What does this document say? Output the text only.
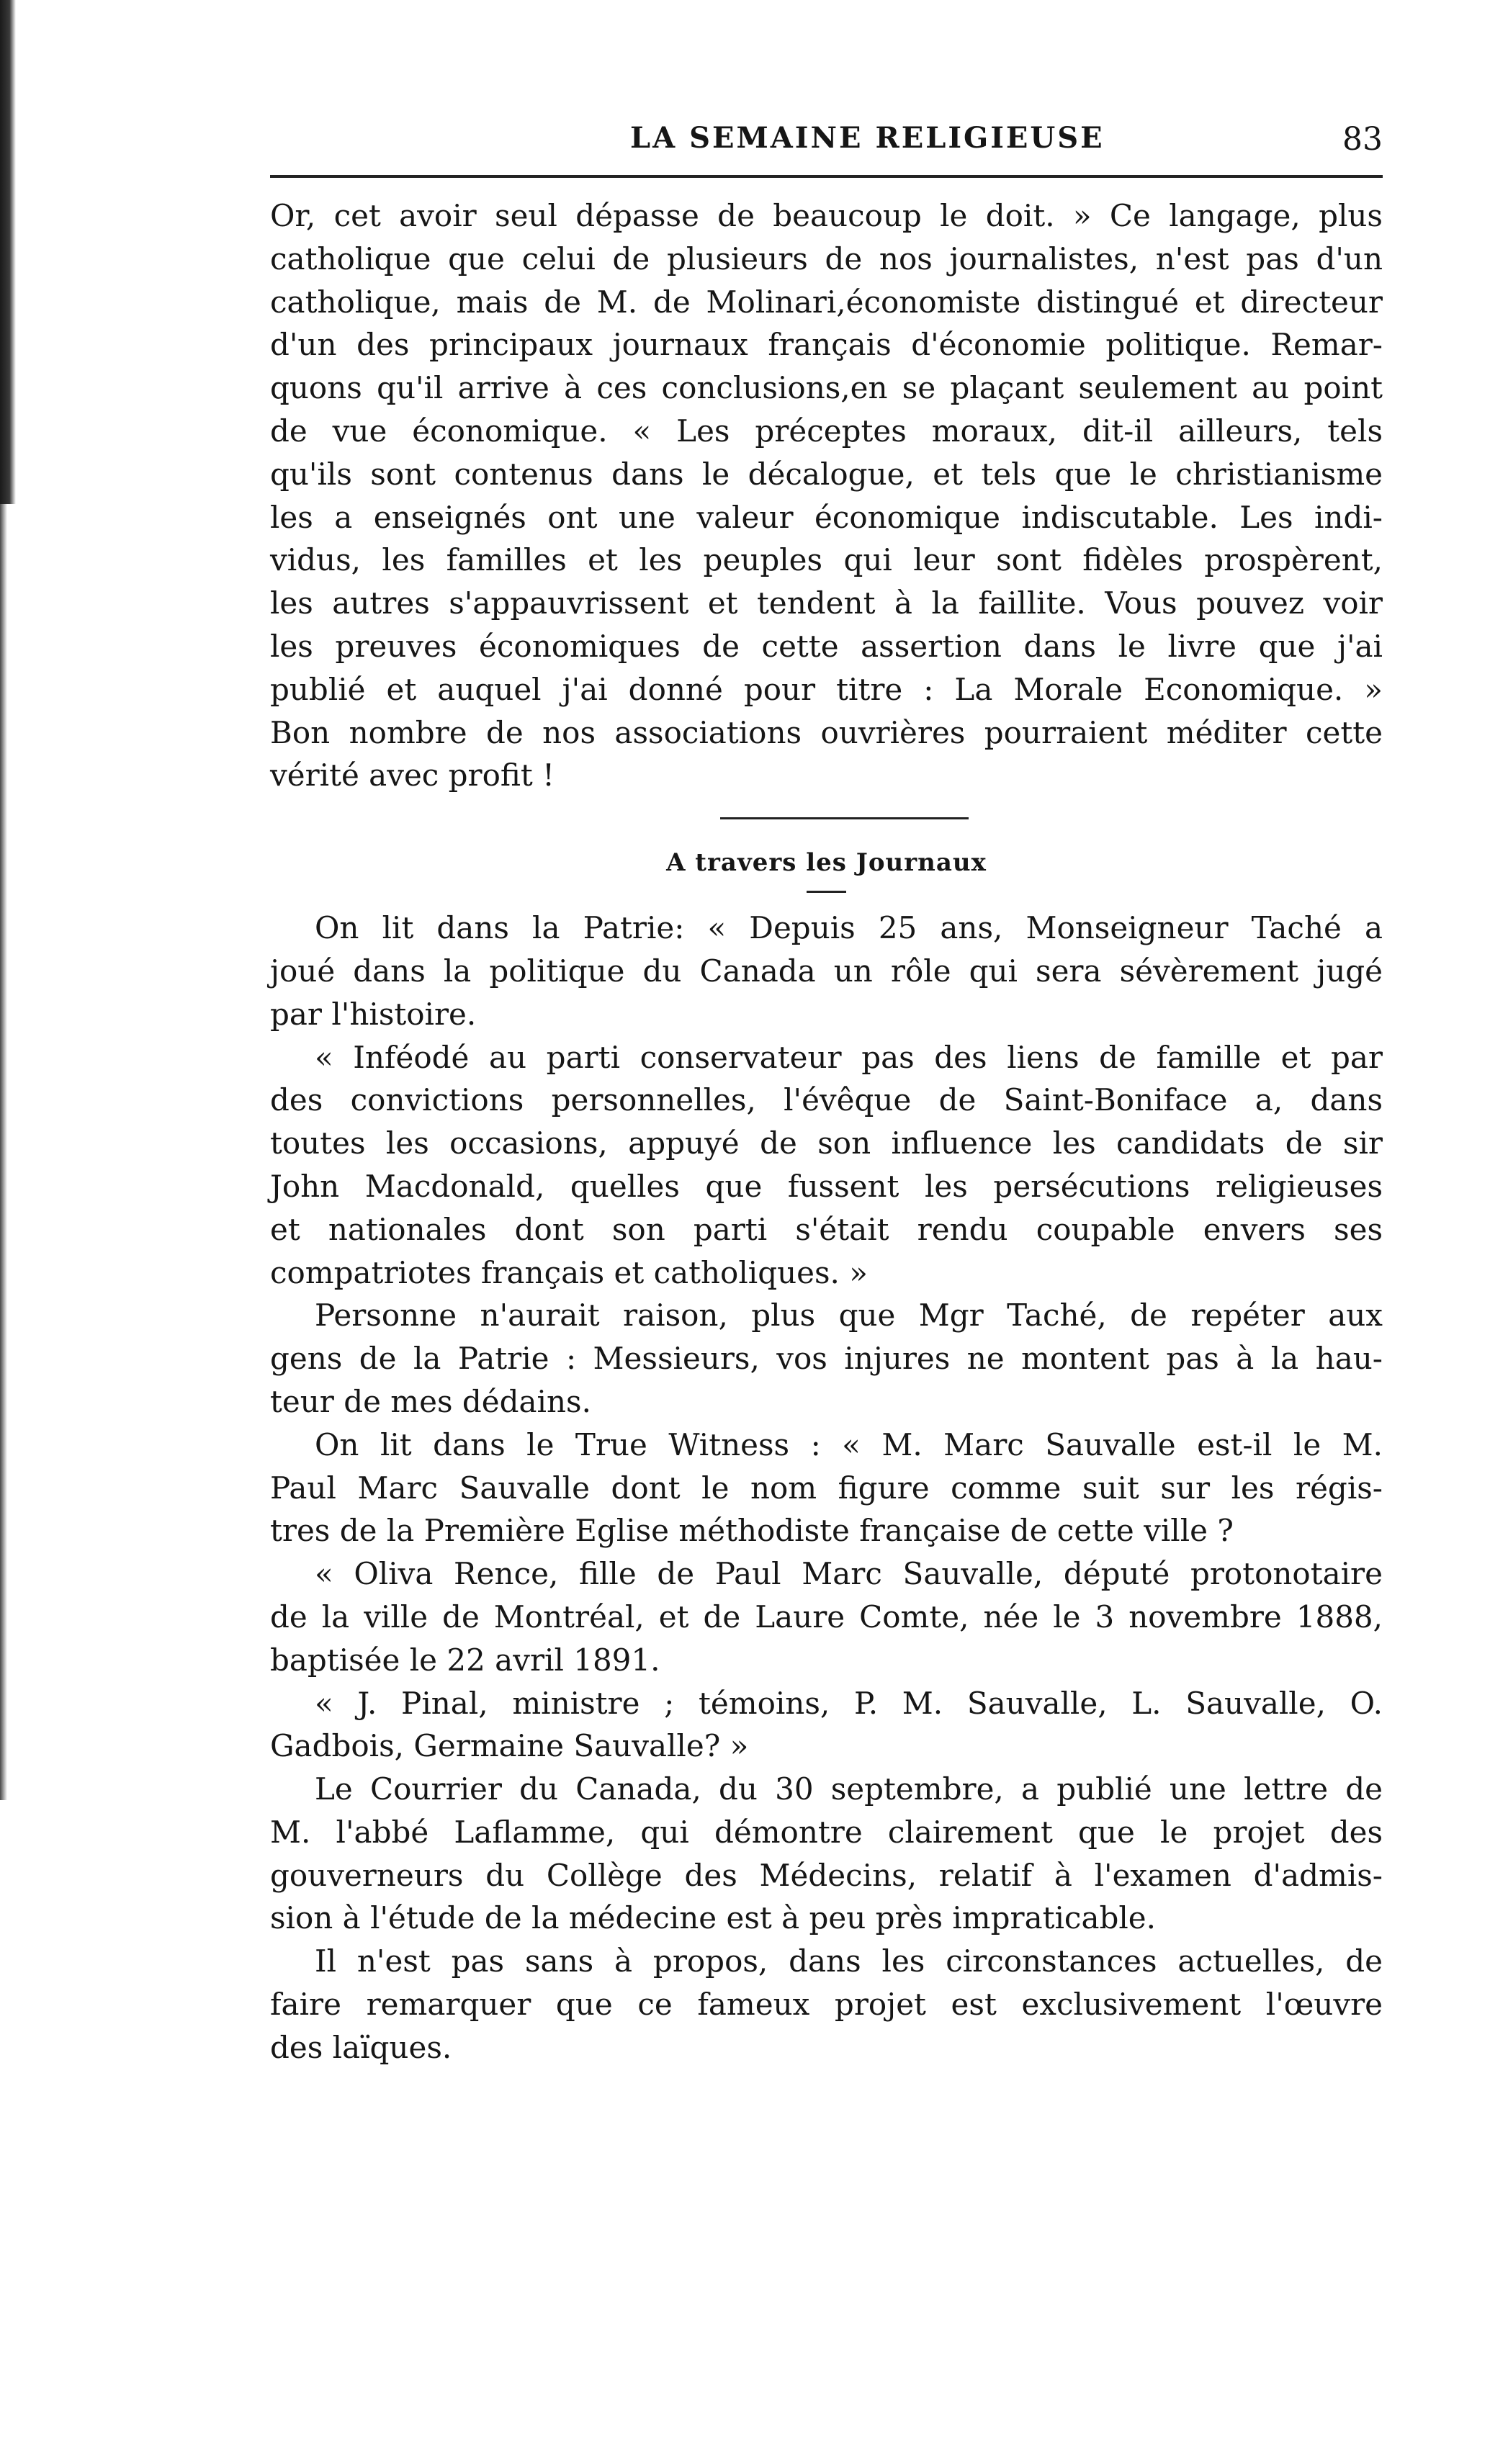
LA SEMAINE RELIGIEUSE	83
Or, cet avoir seul dépasse de beaucoup le doit. » Ce langage, plus
catholique que celui de plusieurs de nos journalistes, n'est pas d'un
catholique, mais de M. de Molinari,économiste distingué et directeur
d'un des principaux journaux français d'économie politique. Remar-
quons qu'il arrive à ces conclusions,en se plaçant seulement au point
de vue économique. « Les préceptes moraux, dit-il ailleurs, tels
qu'ils sont contenus dans le décalogue, et tels que le christianisme
les a enseignés ont une valeur économique indiscutable. Les indi-
vidus, les familles et les peuples qui leur sont fidèles prospèrent,
les autres s'appauvrissent et tendent à la faillite. Vous pouvez voir
les preuves économiques de cette assertion dans le livre que j'ai
publié et auquel j'ai donné pour titre : La Morale Economique. »
Bon nombre de nos associations ouvrières pourraient méditer cette
vérité avec profit !
A travers les Journaux
On lit dans la Patrie: « Depuis 25 ans, Monseigneur Taché a
joué dans la politique du Canada un rôle qui sera sévèrement jugé
par l'histoire.
« Inféodé au parti conservateur pas des liens de famille et par
des convictions personnelles, l'évêque de Saint-Boniface a, dans
toutes les occasions, appuyé de son influence les candidats de sir
John Macdonald, quelles que fussent les persécutions religieuses
et nationales dont son parti s'était rendu coupable envers ses
compatriotes français et catholiques. »
Personne n'aurait raison, plus que Mgr Taché, de repéter aux
gens de la Patrie : Messieurs, vos injures ne montent pas à la hau-
teur de mes dédains.
On lit dans le True Witness : « M. Marc Sauvalle est-il le M.
Paul Marc Sauvalle dont le nom figure comme suit sur les régis-
tres de la Première Eglise méthodiste française de cette ville ?
« Oliva Rence, fille de Paul Marc Sauvalle, député protonotaire
de la ville de Montréal, et de Laure Comte, née le 3 novembre 1888,
baptisée le 22 avril 1891.
« J. Pinal, ministre ; témoins, P. M. Sauvalle, L. Sauvalle, O.
Gadbois, Germaine Sauvalle? »
Le Courrier du Canada, du 30 septembre, a publié une lettre de
M. l'abbé Laflamme, qui démontre clairement que le projet des
gouverneurs du Collège des Médecins, relatif à l'examen d'admis-
sion à l'étude de la médecine est à peu près impraticable.
Il n'est pas sans à propos, dans les circonstances actuelles, de
faire remarquer que ce fameux projet est exclusivement l'œuvre
des laïques.
